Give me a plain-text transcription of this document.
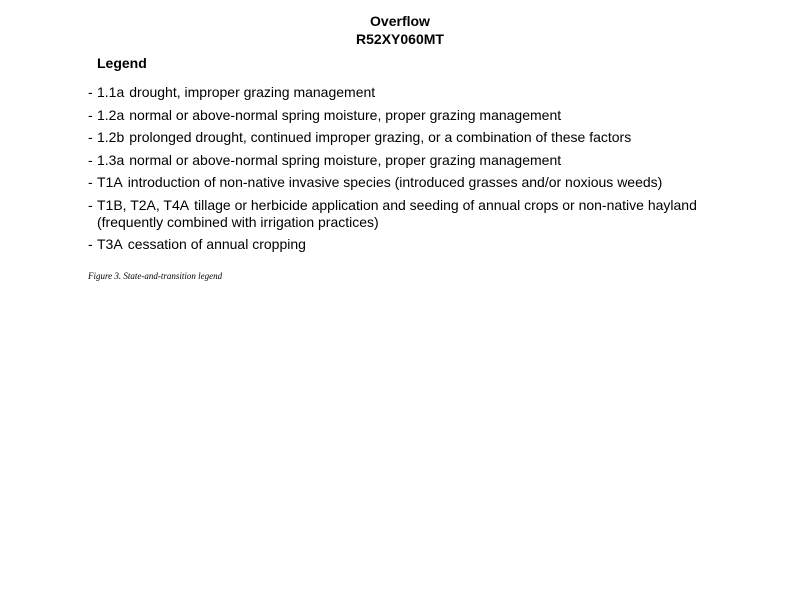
Overflow
R52XY060MT
Legend
- 1.1a drought, improper grazing management
- 1.2a normal or above-normal spring moisture, proper grazing management
- 1.2b prolonged drought, continued improper grazing, or a combination of these factors
- 1.3a normal or above-normal spring moisture, proper grazing management
- T1A introduction of non-native invasive species (introduced grasses and/or noxious weeds)
- T1B, T2A, T4A tillage or herbicide application and seeding of annual crops or non-native hayland (frequently combined with irrigation practices)
- T3A cessation of annual cropping
Figure 3. State-and-transition legend
